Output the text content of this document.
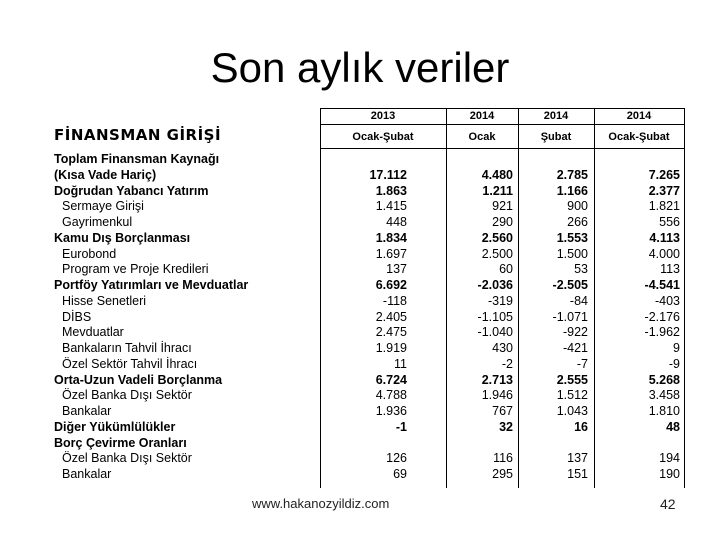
Son aylık veriler
2013	2014	2014	2014
Ocak-Şubat	Ocak	Şubat	Ocak-Şubat
FİNANSMAN GİRİŞİ
Toplam Finansman Kaynağı
(Kısa Vade Hariç)	17.112	4.480	2.785	7.265
Doğrudan Yabancı Yatırım	1.863	1.211	1.166	2.377
Sermaye Girişi	1.415	921	900	1.821
Gayrimenkul	448	290	266	556
Kamu Dış Borçlanması	1.834	2.560	1.553	4.113
Eurobond	1.697	2.500	1.500	4.000
Program ve Proje Kredileri	137	60	53	113
Portföy Yatırımları ve Mevduatlar	6.692	-2.036	-2.505	-4.541
Hisse Senetleri	-118	-319	-84	-403
DİBS	2.405	-1.105	-1.071	-2.176
Mevduatlar	2.475	-1.040	-922	-1.962
Bankaların Tahvil İhracı	1.919	430	-421	9
Özel Sektör Tahvil İhracı	11	-2	-7	-9
Orta-Uzun Vadeli Borçlanma	6.724	2.713	2.555	5.268
Özel Banka Dışı Sektör	4.788	1.946	1.512	3.458
Bankalar	1.936	767	1.043	1.810
Diğer Yükümlülükler	-1	32	16	48
Borç Çevirme Oranları
Özel Banka Dışı Sektör	126	116	137	194
Bankalar	69	295	151	190
www.hakanozyildiz.com	42
